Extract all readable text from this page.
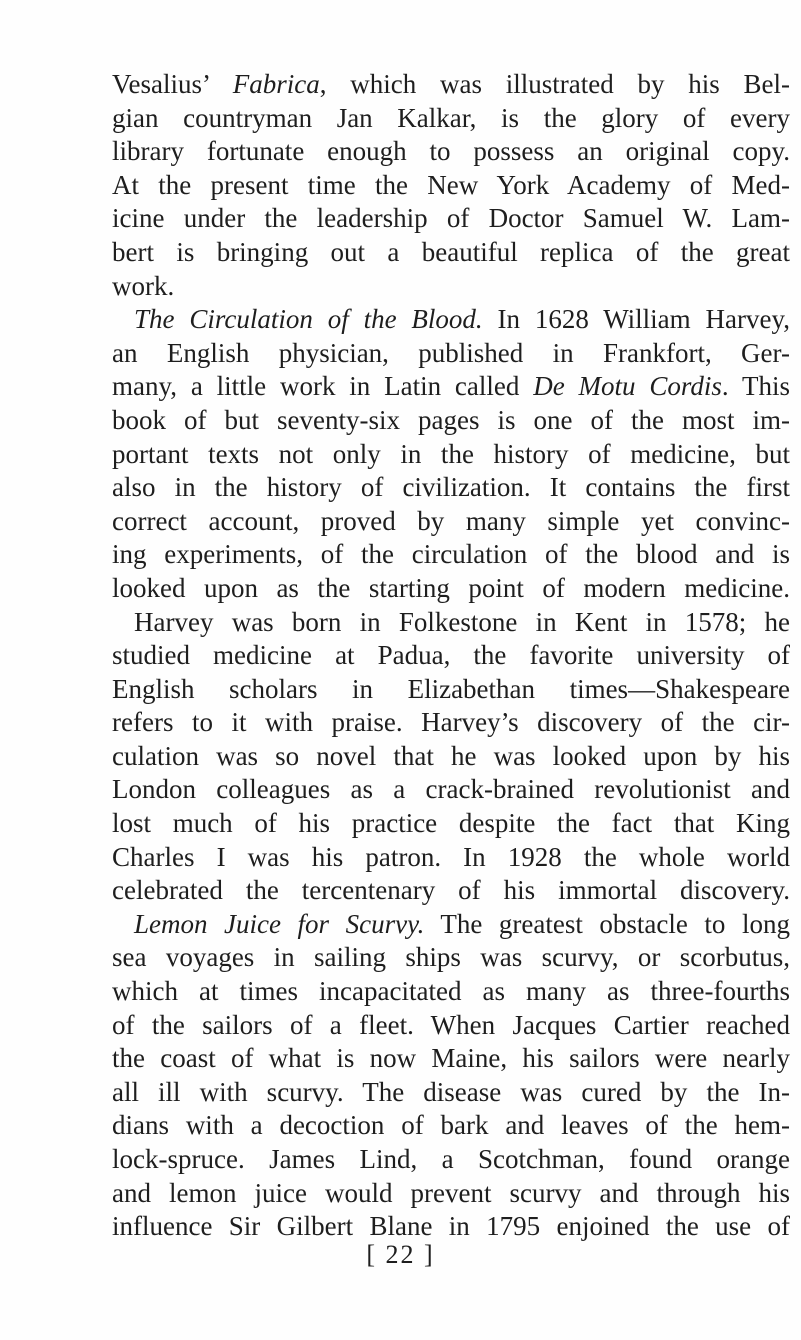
Vesalius’ Fabrica, which was illustrated by his Bel-
gian countryman Jan Kalkar, is the glory of every
library fortunate enough to possess an original copy.
At the present time the New York Academy of Med-
icine under the leadership of Doctor Samuel W. Lam-
bert is bringing out a beautiful replica of the great
work.
The Circulation of the Blood. In 1628 William Harvey,
an English physician, published in Frankfort, Ger-
many, a little work in Latin called De Motu Cordis. This
book of but seventy-six pages is one of the most im-
portant texts not only in the history of medicine, but
also in the history of civilization. It contains the first
correct account, proved by many simple yet convinc-
ing experiments, of the circulation of the blood and is
looked upon as the starting point of modern medicine.
Harvey was born in Folkestone in Kent in 1578; he
studied medicine at Padua, the favorite university of
English scholars in Elizabethan times—Shakespeare
refers to it with praise. Harvey’s discovery of the cir-
culation was so novel that he was looked upon by his
London colleagues as a crack-brained revolutionist and
lost much of his practice despite the fact that King
Charles I was his patron. In 1928 the whole world
celebrated the tercentenary of his immortal discovery.
Lemon Juice for Scurvy. The greatest obstacle to long
sea voyages in sailing ships was scurvy, or scorbutus,
which at times incapacitated as many as three-fourths
of the sailors of a fleet. When Jacques Cartier reached
the coast of what is now Maine, his sailors were nearly
all ill with scurvy. The disease was cured by the In-
dians with a decoction of bark and leaves of the hem-
lock-spruce. James Lind, a Scotchman, found orange
and lemon juice would prevent scurvy and through his
influence Sir Gilbert Blane in 1795 enjoined the use of
[ 22 ]
